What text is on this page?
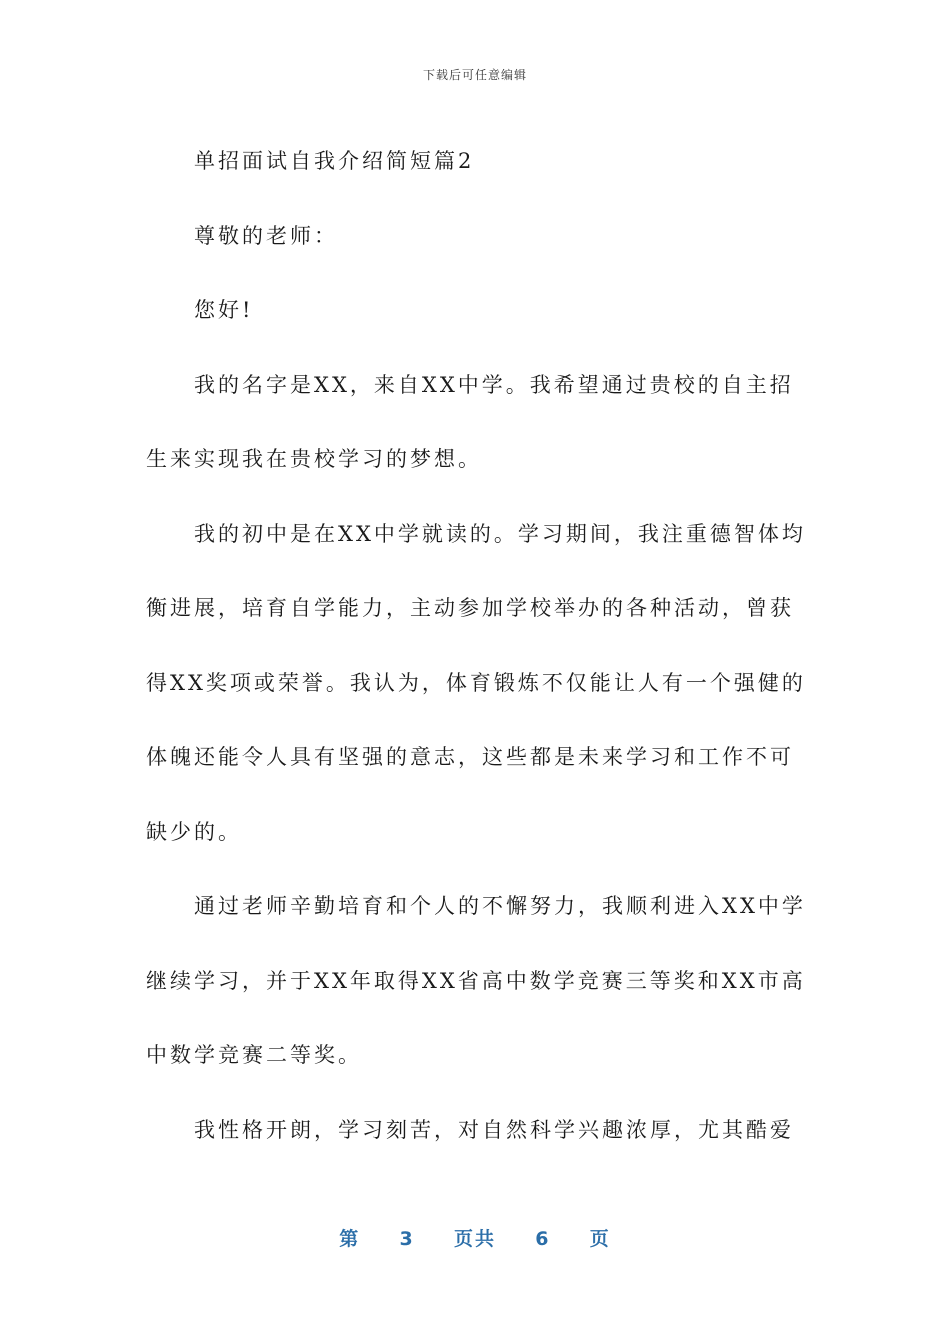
下载后可任意编辑

单招面试自我介绍简短篇2

尊敬的老师：

您好!

我的名字是XX，来自XX中学。我希望通过贵校的自主招生来实现我在贵校学习的梦想。

我的初中是在XX中学就读的。学习期间，我注重德智体均衡进展，培育自学能力，主动参加学校举办的各种活动，曾获得XX奖项或荣誉。我认为，体育锻炼不仅能让人有一个强健的体魄还能令人具有坚强的意志，这些都是未来学习和工作不可缺少的。

通过老师辛勤培育和个人的不懈努力，我顺利进入XX中学继续学习，并于XX年取得XX省高中数学竞赛三等奖和XX市高中数学竞赛二等奖。

我性格开朗，学习刻苦，对自然科学兴趣浓厚，尤其酷爱

第 3 页共 6 页
